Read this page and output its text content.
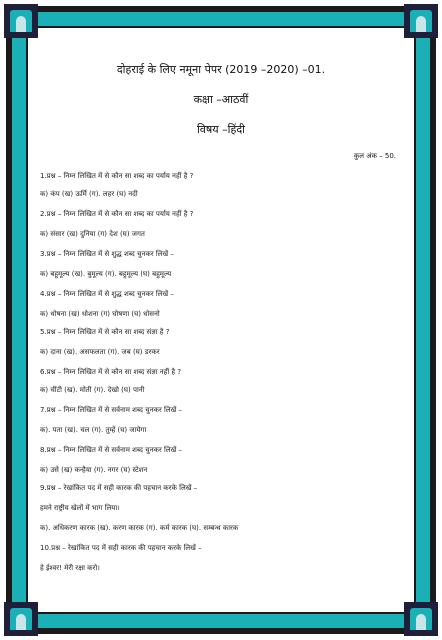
दोहराई के लिए नमूना पेपर (2019 –2020) –01.
कक्षा –आठवीं
विषय –हिंदी
कुल अंक – 50.
1.प्रश्न – निम्न लिखित में से कौन सा शब्द का पर्याय नहीं है ?
क) कंप (ख) ऊर्मि (ग). लहर (घ) नदी
2.प्रश्न – निम्न लिखित में से कौन सा शब्द का पर्याय नहीं है ?
क) संसार (ख) दुनिया (ग) देश (घ) जगत
3.प्रश्न – निम्न लिखित में से शुद्ध शब्द चुनकर लिखें –
क) बहूमूल्य (ख). बुमूल्य (ग). बहुमूल्य (घ) बहुमूल्य
4.प्रश्न – निम्न लिखित में से शुद्ध शब्द चुनकर लिखें –
क) धोषना (ख) धोशना (ग) घोषणा (घ) धोसनो
5.प्रश्न – निम्न लिखित में से कौन सा शब्द संज्ञा है ?
क) दाना (ख). असफलता (ग). जब (घ) डरकर
6.प्रश्न – निम्न लिखित में से कौन सा शब्द संज्ञा नहीं है ?
क) चींटी (ख). मोती (ग). देखो (घ) पानी
7.प्रश्न – निम्न लिखित में से सर्वनाम शब्द चुनकर लिखें –
क). पता (ख). चल (ग). तुम्हें (घ) जायेगा
8.प्रश्न – निम्न लिखित में से सर्वनाम शब्द चुनकर लिखें –
क) उसे (ख) कन्हैया (ग). नगर (घ) स्टेशन
9.प्रश्न – रेखांकित पद में सही कारक की पहचान करके लिखें –
हमने राष्ट्रीय खेलों में भाग लिया।
क). अधिकरण कारक (ख). करण कारक (ग). कर्म कारक (घ). सम्बन्ध कारक
10.प्रश्न – रेखांकित पद में सही कारक की पहचान करके लिखें –
हे ईश्वर! मेरी रक्षा करो।
